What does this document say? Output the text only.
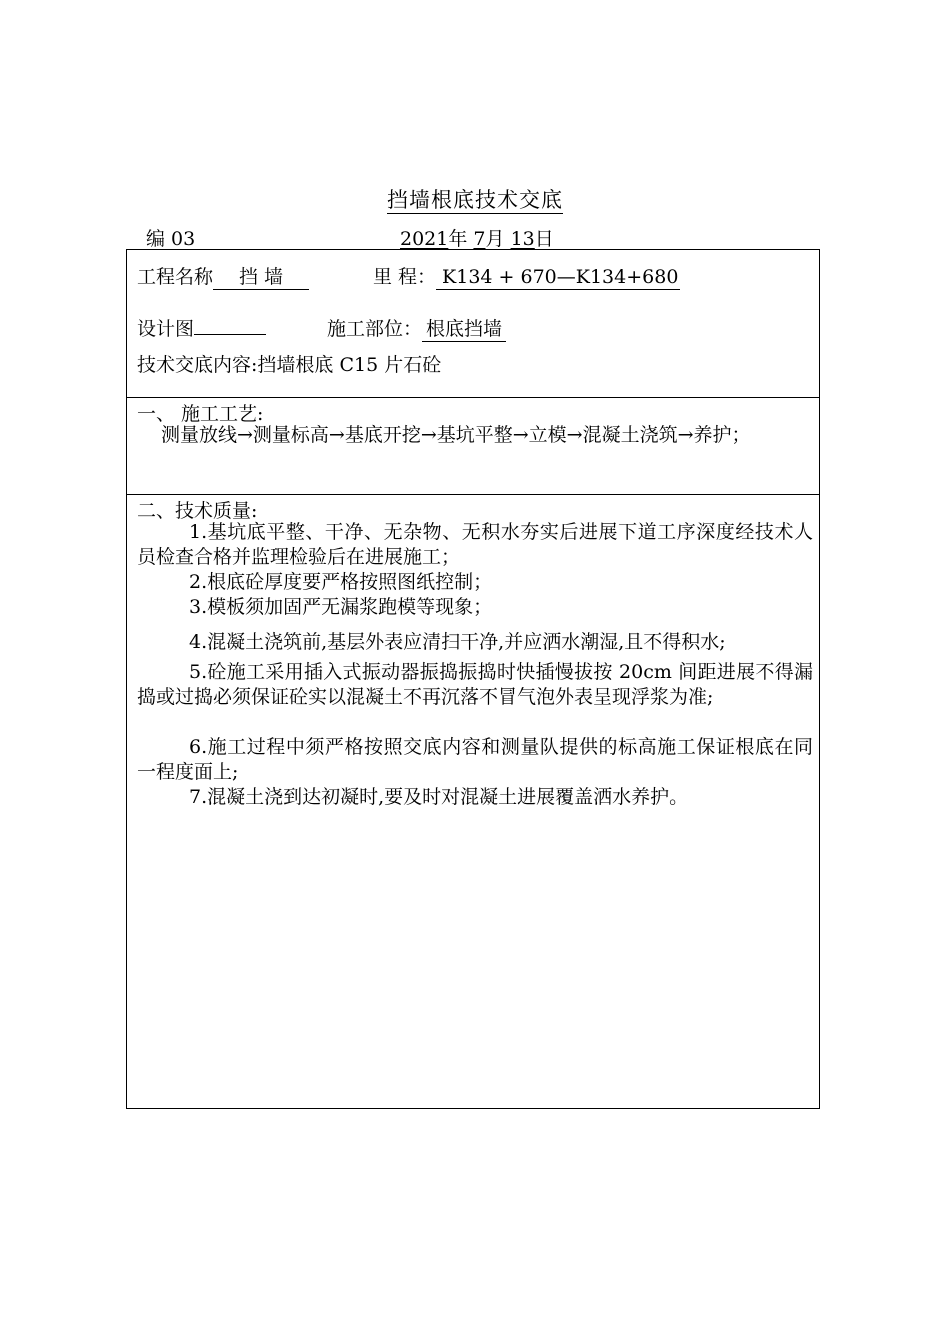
挡墙根底技术交底
编 03	2021年 7月 13日
工程名称 挡 墙	里 程： K134 + 670—K134+680
设计图	施工部位： 根底挡墙
技术交底内容:挡墙根底 C15 片石砼
一、 施工工艺:
测量放线→测量标高→基底开挖→基坑平整→立模→混凝土浇筑→养护；
二、技术质量:
1.基坑底平整、干净、无杂物、无积水夯实后进展下道工序深度经技术人员检查合格并监理检验后在进展施工；
2.根底砼厚度要严格按照图纸控制；
3.模板须加固严无漏浆跑模等现象；
4.混凝土浇筑前,基层外表应清扫干净,并应洒水潮湿,且不得积水;
5.砼施工采用插入式振动器振捣振捣时快插慢拔按 20cm 间距进展不得漏捣或过捣必须保证砼实以混凝土不再沉落不冒气泡外表呈现浮浆为准;
6.施工过程中须严格按照交底内容和测量队提供的标高施工保证根底在同一程度面上;
7.混凝土浇到达初凝时,要及时对混凝土进展覆盖洒水养护。
